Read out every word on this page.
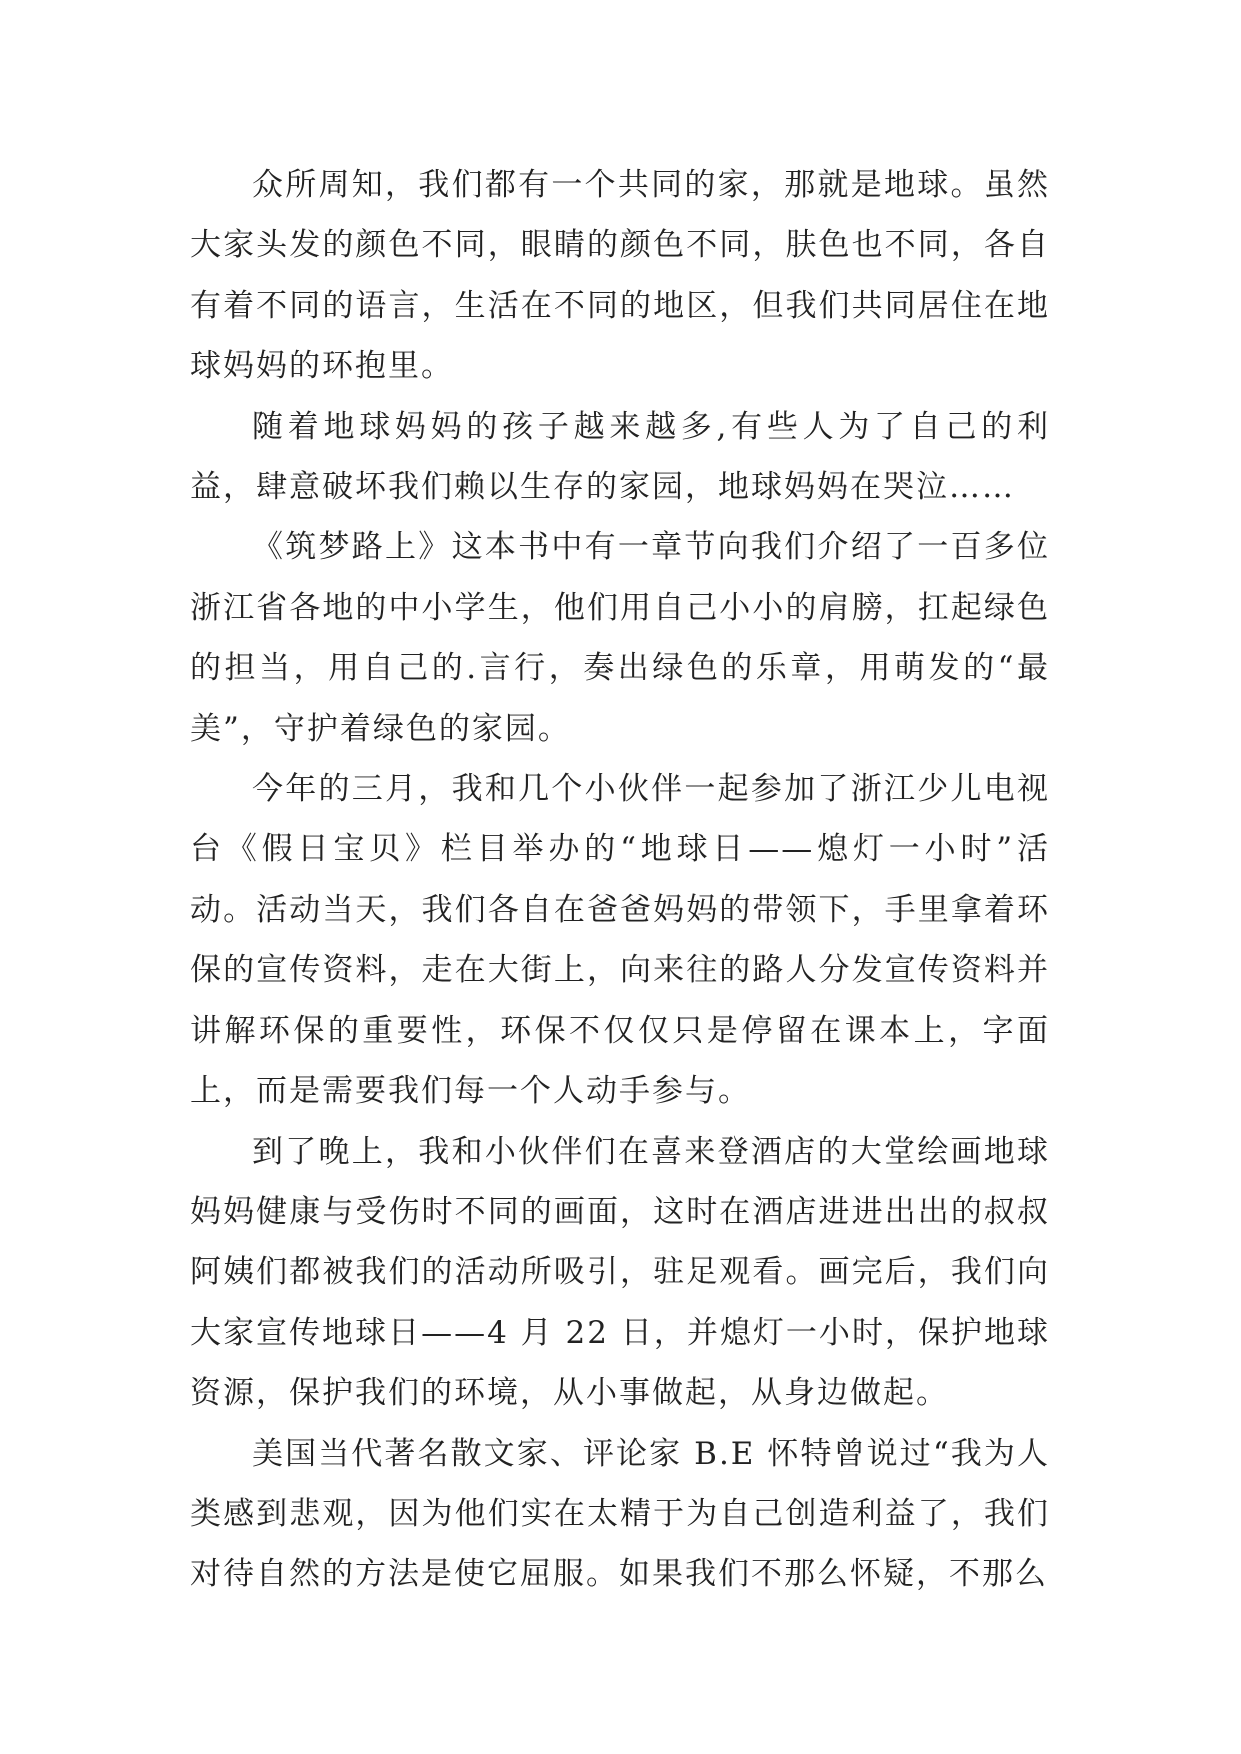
众所周知，我们都有一个共同的家，那就是地球。虽然大家头发的颜色不同，眼睛的颜色不同，肤色也不同，各自有着不同的语言，生活在不同的地区，但我们共同居住在地球妈妈的环抱里。

随着地球妈妈的孩子越来越多,有些人为了自己的利益，肆意破坏我们赖以生存的家园，地球妈妈在哭泣……

《筑梦路上》这本书中有一章节向我们介绍了一百多位浙江省各地的中小学生，他们用自己小小的肩膀，扛起绿色的担当，用自己的.言行，奏出绿色的乐章，用萌发的“最美”，守护着绿色的家园。

今年的三月，我和几个小伙伴一起参加了浙江少儿电视台《假日宝贝》栏目举办的“地球日——熄灯一小时”活动。活动当天，我们各自在爸爸妈妈的带领下，手里拿着环保的宣传资料，走在大街上，向来往的路人分发宣传资料并讲解环保的重要性，环保不仅仅只是停留在课本上，字面上，而是需要我们每一个人动手参与。

到了晚上，我和小伙伴们在喜来登酒店的大堂绘画地球妈妈健康与受伤时不同的画面，这时在酒店进进出出的叔叔阿姨们都被我们的活动所吸引，驻足观看。画完后，我们向大家宣传地球日——4 月 22 日，并熄灯一小时，保护地球资源，保护我们的环境，从小事做起，从身边做起。

美国当代著名散文家、评论家 B.E 怀特曾说过“我为人类感到悲观，因为他们实在太精于为自己创造利益了，我们对待自然的方法是使它屈服。如果我们不那么怀疑，不那么
